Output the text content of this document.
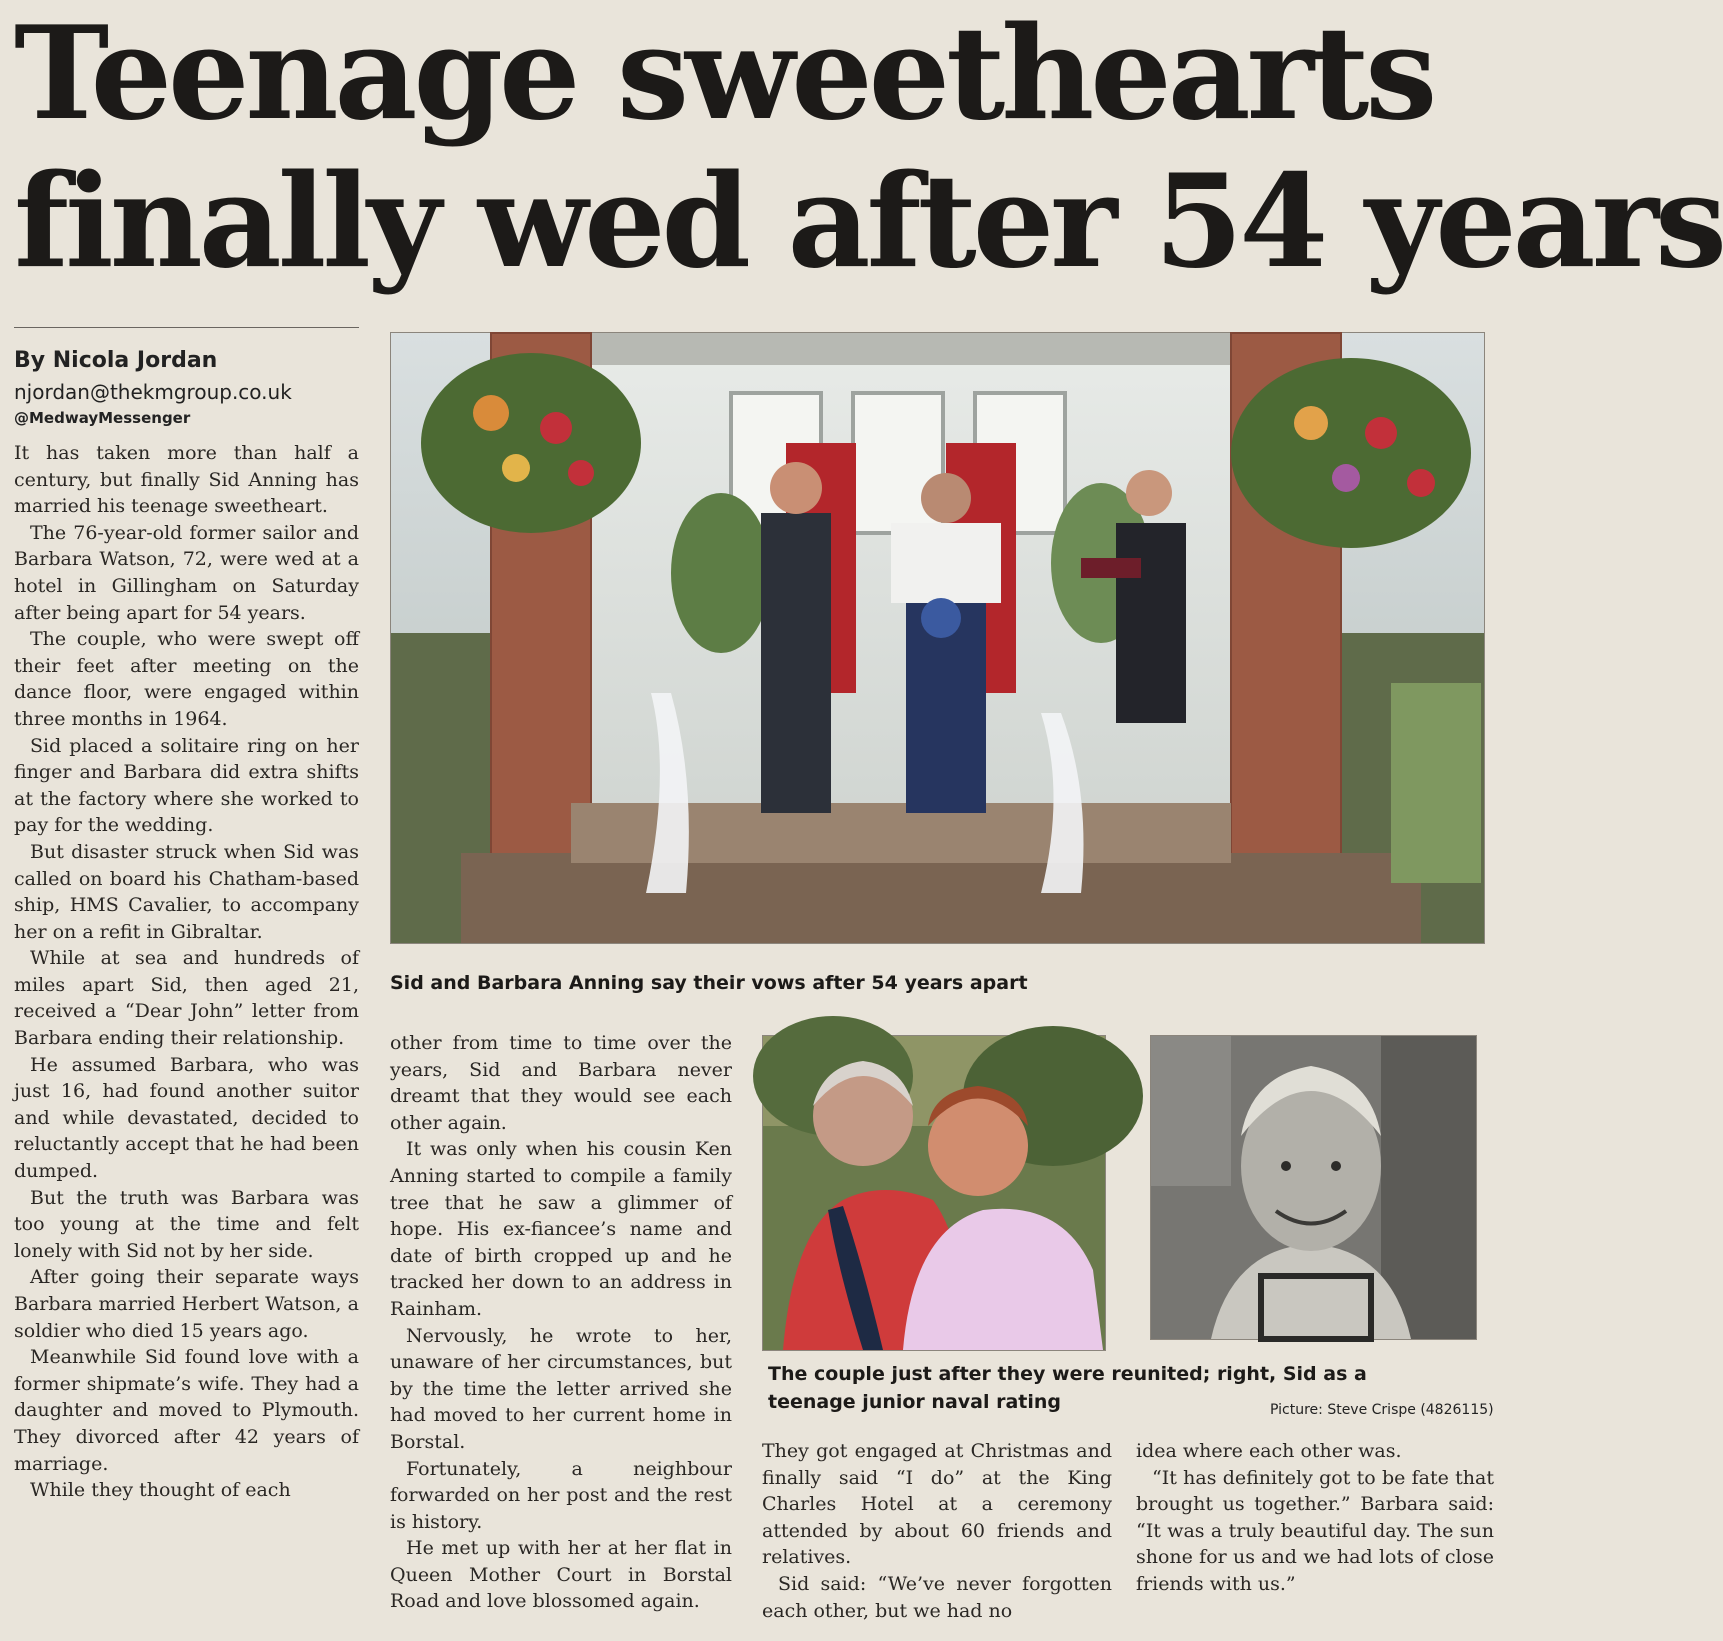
Teenage sweethearts
finally wed after 54 years
By Nicola Jordan
njordan@thekmgroup.co.uk
@MedwayMessenger

It has taken more than half a century, but finally Sid Anning has married his teenage sweetheart.

The 76-year-old former sailor and Barbara Watson, 72, were wed at a hotel in Gillingham on Saturday after being apart for 54 years.

The couple, who were swept off their feet after meeting on the dance floor, were engaged within three months in 1964.

Sid placed a solitaire ring on her finger and Barbara did extra shifts at the factory where she worked to pay for the wedding.

But disaster struck when Sid was called on board his Chatham-based ship, HMS Cavalier, to accompany her on a refit in Gibraltar.

While at sea and hundreds of miles apart Sid, then aged 21, received a “Dear John” letter from Barbara ending their relationship.

He assumed Barbara, who was just 16, had found another suitor and while devastated, decided to reluctantly accept that he had been dumped.

But the truth was Barbara was too young at the time and felt lonely with Sid not by her side.

After going their separate ways Barbara married Herbert Watson, a soldier who died 15 years ago.

Meanwhile Sid found love with a former shipmate’s wife. They had a daughter and moved to Plymouth. They divorced after 42 years of marriage.

While they thought of each

Sid and Barbara Anning say their vows after 54 years apart

other from time to time over the years, Sid and Barbara never dreamt that they would see each other again.

It was only when his cousin Ken Anning started to compile a family tree that he saw a glimmer of hope. His ex-fiancee’s name and date of birth cropped up and he tracked her down to an address in Rainham.

Nervously, he wrote to her, unaware of her circumstances, but by the time the letter arrived she had moved to her current home in Borstal.

Fortunately, a neighbour forwarded on her post and the rest is history.

He met up with her at her flat in Queen Mother Court in Borstal Road and love blossomed again.

The couple just after they were reunited; right, Sid as a teenage junior naval rating	Picture: Steve Crispe (4826115)

They got engaged at Christmas and finally said “I do” at the King Charles Hotel at a ceremony attended by about 60 friends and relatives.

Sid said: “We’ve never forgotten each other, but we had no

idea where each other was.

“It has definitely got to be fate that brought us together.” Barbara said: “It was a truly beautiful day. The sun shone for us and we had lots of close friends with us.”
